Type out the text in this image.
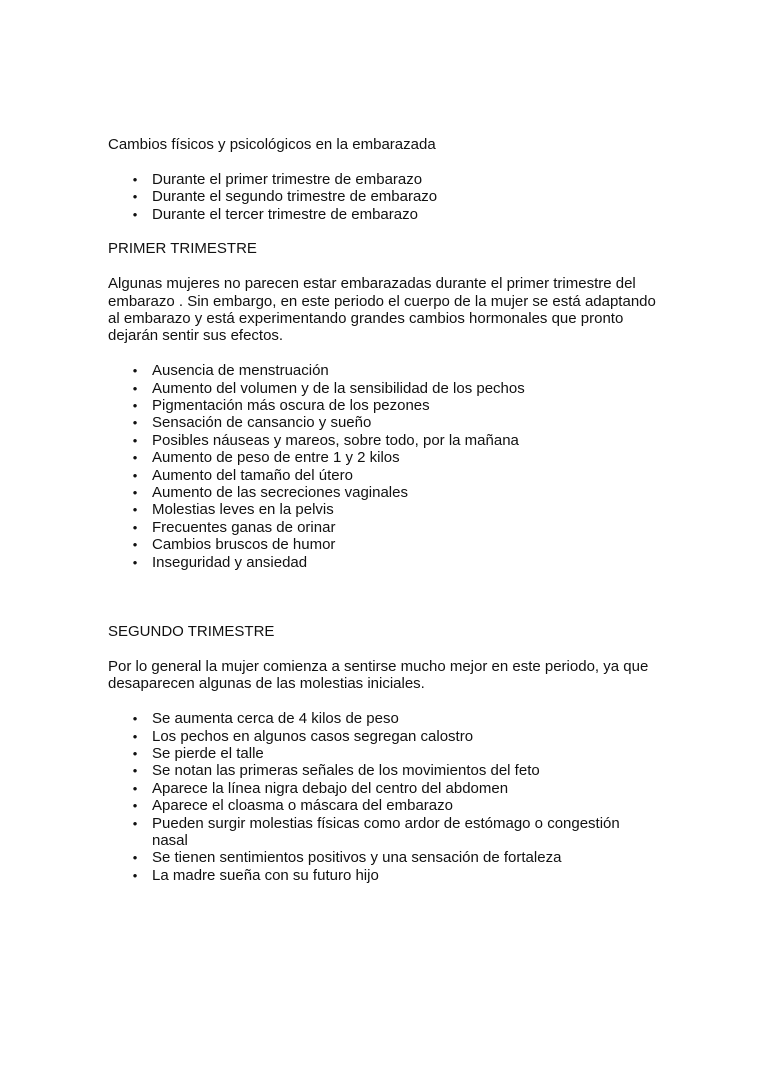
Cambios físicos y psicológicos en la embarazada

• Durante el primer trimestre de embarazo
• Durante el segundo trimestre de embarazo
• Durante el tercer trimestre de embarazo

PRIMER TRIMESTRE

Algunas mujeres no parecen estar embarazadas durante el primer trimestre del
embarazo . Sin embargo, en este periodo el cuerpo de la mujer se está adaptando
al embarazo y está experimentando grandes cambios hormonales que pronto
dejarán sentir sus efectos.
• Ausencia de menstruación
• Aumento del volumen y de la sensibilidad de los pechos
• Pigmentación más oscura de los pezones
• Sensación de cansancio y sueño
• Posibles náuseas y mareos, sobre todo, por la mañana
• Aumento de peso de entre 1 y 2 kilos
• Aumento del tamaño del útero
• Aumento de las secreciones vaginales
• Molestias leves en la pelvis
• Frecuentes ganas de orinar
• Cambios bruscos de humor
• Inseguridad y ansiedad

SEGUNDO TRIMESTRE

Por lo general la mujer comienza a sentirse mucho mejor en este periodo, ya que
desaparecen algunas de las molestias iniciales.
• Se aumenta cerca de 4 kilos de peso
• Los pechos en algunos casos segregan calostro
• Se pierde el talle
• Se notan las primeras señales de los movimientos del feto
• Aparece la línea nigra debajo del centro del abdomen
• Aparece el cloasma o máscara del embarazo
• Pueden surgir molestias físicas como ardor de estómago o congestión
nasal
• Se tienen sentimientos positivos y una sensación de fortaleza
• La madre sueña con su futuro hijo
